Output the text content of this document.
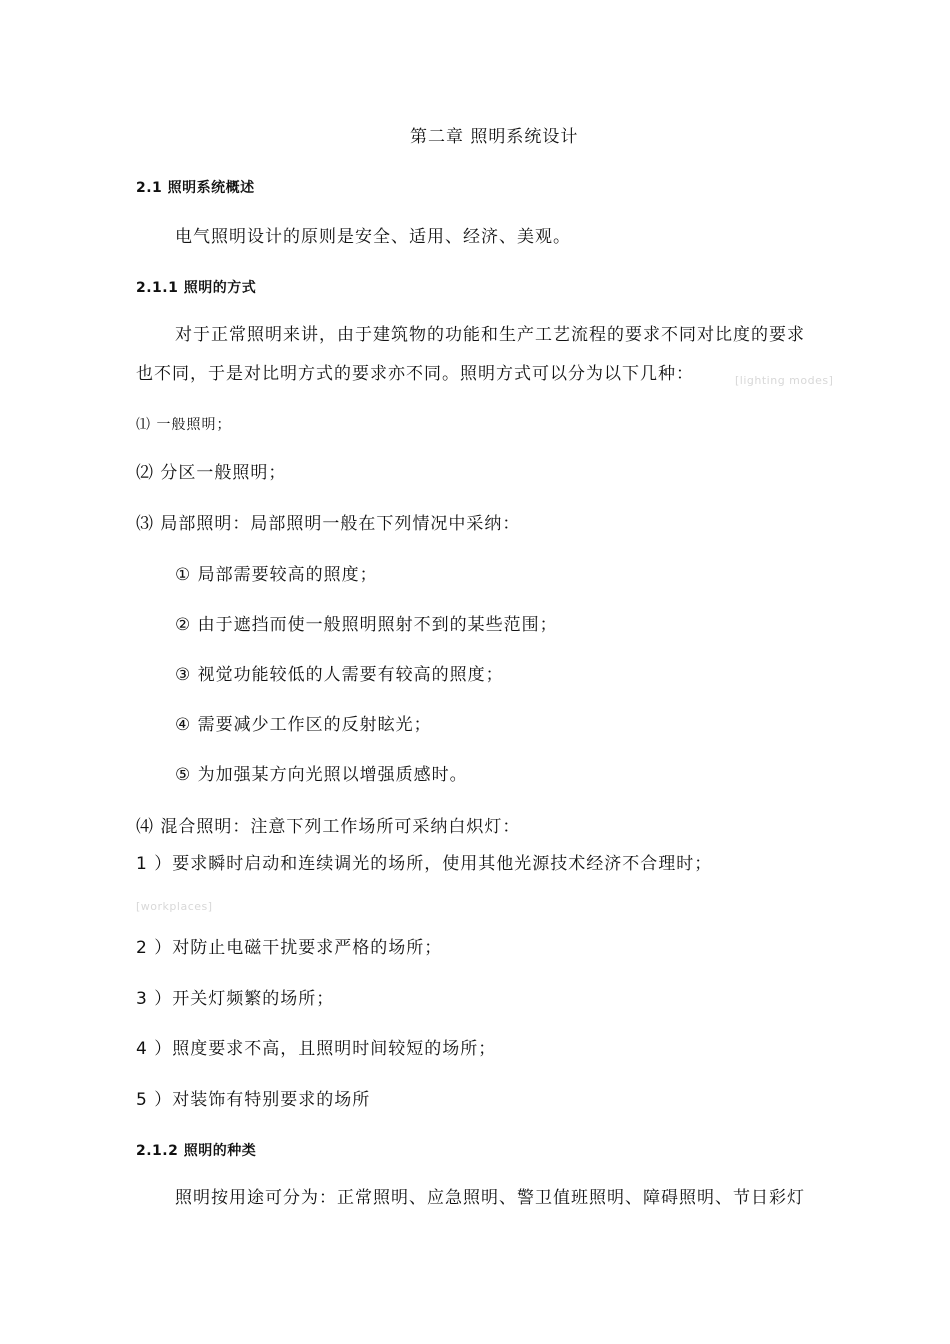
第二章 照明系统设计
2.1 照明系统概述
电气照明设计的原则是安全、适用、经济、美观。
2.1.1 照明的方式
对于正常照明来讲，由于建筑物的功能和生产工艺流程的要求不同对比度的要求
也不同，于是对比明方式的要求亦不同。照明方式可以分为以下几种：	[lighting modes]
⑴ 一般照明；
⑵ 分区一般照明；
⑶ 局部照明：局部照明一般在下列情况中采纳：
① 局部需要较高的照度；
② 由于遮挡而使一般照明照射不到的某些范围；
③ 视觉功能较低的人需要有较高的照度；
④ 需要减少工作区的反射眩光；
⑤ 为加强某方向光照以增强质感时。
⑷ 混合照明：注意下列工作场所可采纳白炽灯：
1 ）要求瞬时启动和连续调光的场所，使用其他光源技术经济不合理时；
[workplaces]
2 ）对防止电磁干扰要求严格的场所；
3 ）开关灯频繁的场所；
4 ）照度要求不高，且照明时间较短的场所；
5 ）对装饰有特别要求的场所
2.1.2 照明的种类
照明按用途可分为：正常照明、应急照明、警卫值班照明、障碍照明、节日彩灯
